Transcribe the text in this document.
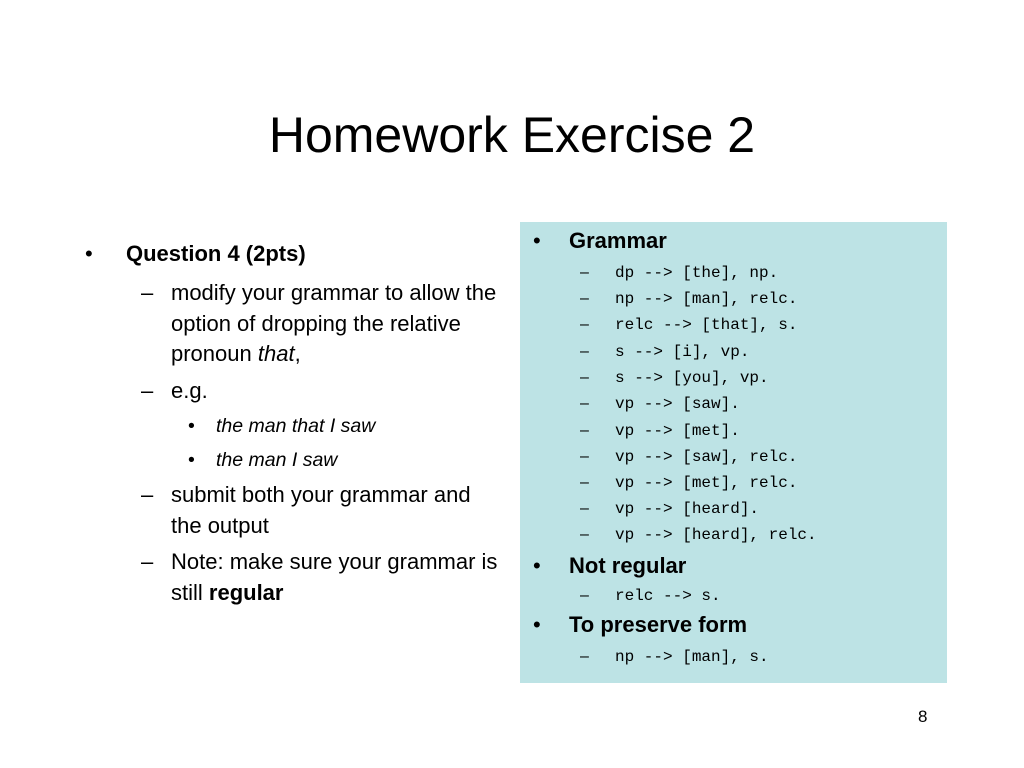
Homework Exercise 2
• Question 4 (2pts)
– modify your grammar to allow the option of dropping the relative pronoun that,
– e.g.
• the man that I saw
• the man I saw
– submit both your grammar and the output
– Note: make sure your grammar is still regular
• Grammar
– dp --> [the], np.
– np --> [man], relc.
– relc --> [that], s.
– s --> [i], vp.
– s --> [you], vp.
– vp --> [saw].
– vp --> [met].
– vp --> [saw], relc.
– vp --> [met], relc.
– vp --> [heard].
– vp --> [heard], relc.
• Not regular
– relc --> s.
• To preserve form
– np --> [man], s.
8
